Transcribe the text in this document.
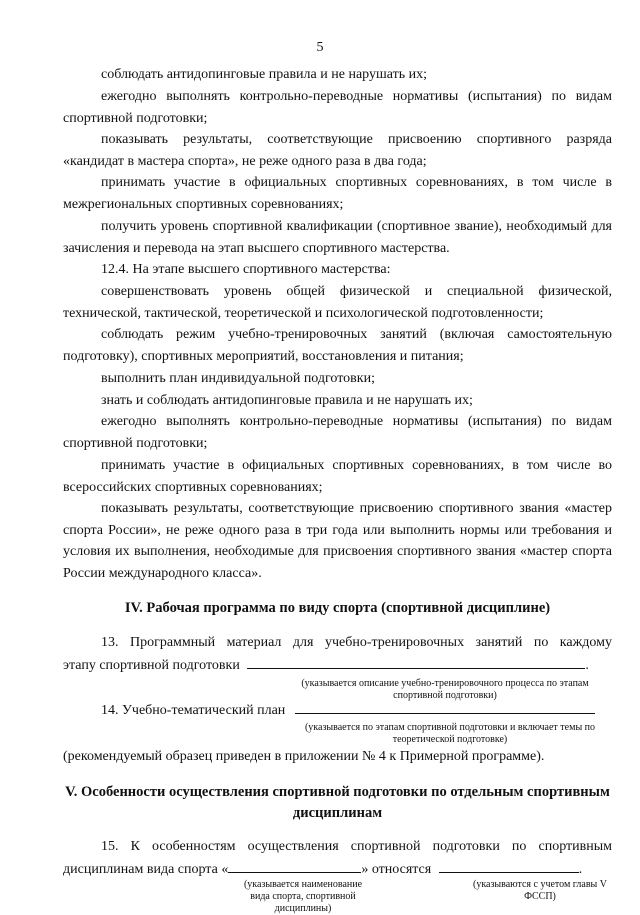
5
соблюдать антидопинговые правила и не нарушать их;
ежегодно выполнять контрольно-переводные нормативы (испытания) по видам спортивной подготовки;
показывать результаты, соответствующие присвоению спортивного разряда «кандидат в мастера спорта», не реже одного раза в два года;
принимать участие в официальных спортивных соревнованиях, в том числе в межрегиональных спортивных соревнованиях;
получить уровень спортивной квалификации (спортивное звание), необходимый для зачисления и перевода на этап высшего спортивного мастерства.
12.4. На этапе высшего спортивного мастерства:
совершенствовать уровень общей физической и специальной физической, технической, тактической, теоретической и психологической подготовленности;
соблюдать режим учебно-тренировочных занятий (включая самостоятельную подготовку), спортивных мероприятий, восстановления и питания;
выполнить план индивидуальной подготовки;
знать и соблюдать антидопинговые правила и не нарушать их;
ежегодно выполнять контрольно-переводные нормативы (испытания) по видам спортивной подготовки;
принимать участие в официальных спортивных соревнованиях, в том числе во всероссийских спортивных соревнованиях;
показывать результаты, соответствующие присвоению спортивного звания «мастер спорта России», не реже одного раза в три года или выполнить нормы или требования и условия их выполнения, необходимые для присвоения спортивного звания «мастер спорта России международного класса».
IV. Рабочая программа по виду спорта (спортивной дисциплине)
13. Программный материал для учебно-тренировочных занятий по каждому
этапу спортивной подготовки	.
(указывается описание учебно-тренировочного процесса по этапам спортивной подготовки)
14. Учебно-тематический план
(указывается по этапам спортивной подготовки и включает темы по теоретической подготовке)
(рекомендуемый образец приведен в приложении № 4 к Примерной программе).
V. Особенности осуществления спортивной подготовки по отдельным спортивным дисциплинам
15. К особенностям осуществления спортивной подготовки по спортивным
дисциплинам вида спорта «	» относятся	.
(указывается наименование вида спорта, спортивной дисциплины)
(указываются с учетом главы V ФССП)
